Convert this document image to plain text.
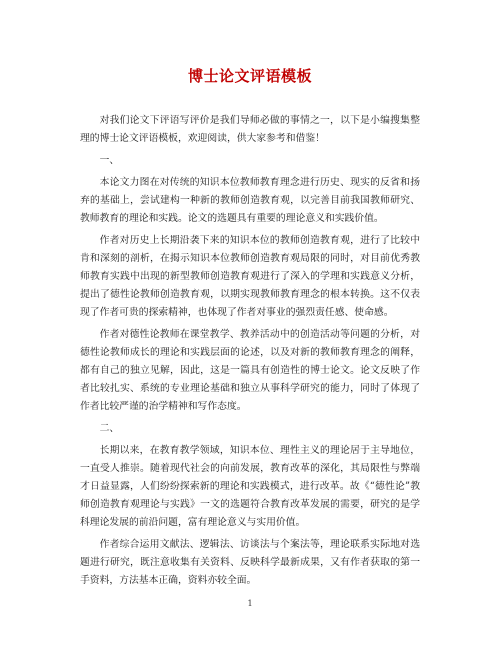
博士论文评语模板

对我们论文下评语写评价是我们导师必做的事情之一，以下是小编搜集整理的博士论文评语模板，欢迎阅读，供大家参考和借鉴！

一、

本论文力图在对传统的知识本位教师教育理念进行历史、现实的反省和扬弃的基础上，尝试建构一种新的教师创造教育观，以完善目前我国教师研究、教师教育的理论和实践。论文的选题具有重要的理论意义和实践价值。

作者对历史上长期沿袭下来的知识本位的教师创造教育观，进行了比较中肯和深刻的剖析，在揭示知识本位教师创造教育观局限的同时，对目前优秀教师教育实践中出现的新型教师创造教育观进行了深入的学理和实践意义分析，提出了德性论教师创造教育观，以期实现教师教育理念的根本转换。这不仅表现了作者可贵的探索精神，也体现了作者对事业的强烈责任感、使命感。

作者对德性论教师在课堂教学、教养活动中的创造活动等问题的分析，对德性论教师成长的理论和实践层面的论述，以及对新的教师教育理念的阐释，都有自己的独立见解，因此，这是一篇具有创造性的博士论文。论文反映了作者比较扎实、系统的专业理论基础和独立从事科学研究的能力，同时了体现了作者比较严谨的治学精神和写作态度。

二、

长期以来，在教育教学领域，知识本位、理性主义的理论居于主导地位，一直受人推崇。随着现代社会的向前发展，教育改革的深化，其局限性与弊端才日益显露，人们纷纷探索新的理论和实践模式，进行改革。故《“德性论”教师创造教育观理论与实践》一文的选题符合教育改革发展的需要，研究的是学科理论发展的前沿问题，富有理论意义与实用价值。

作者综合运用文献法、逻辑法、访谈法与个案法等，理论联系实际地对选题进行研究，既注意收集有关资料、反映科学最新成果，又有作者获取的第一手资料，方法基本正确，资料亦较全面。

1
